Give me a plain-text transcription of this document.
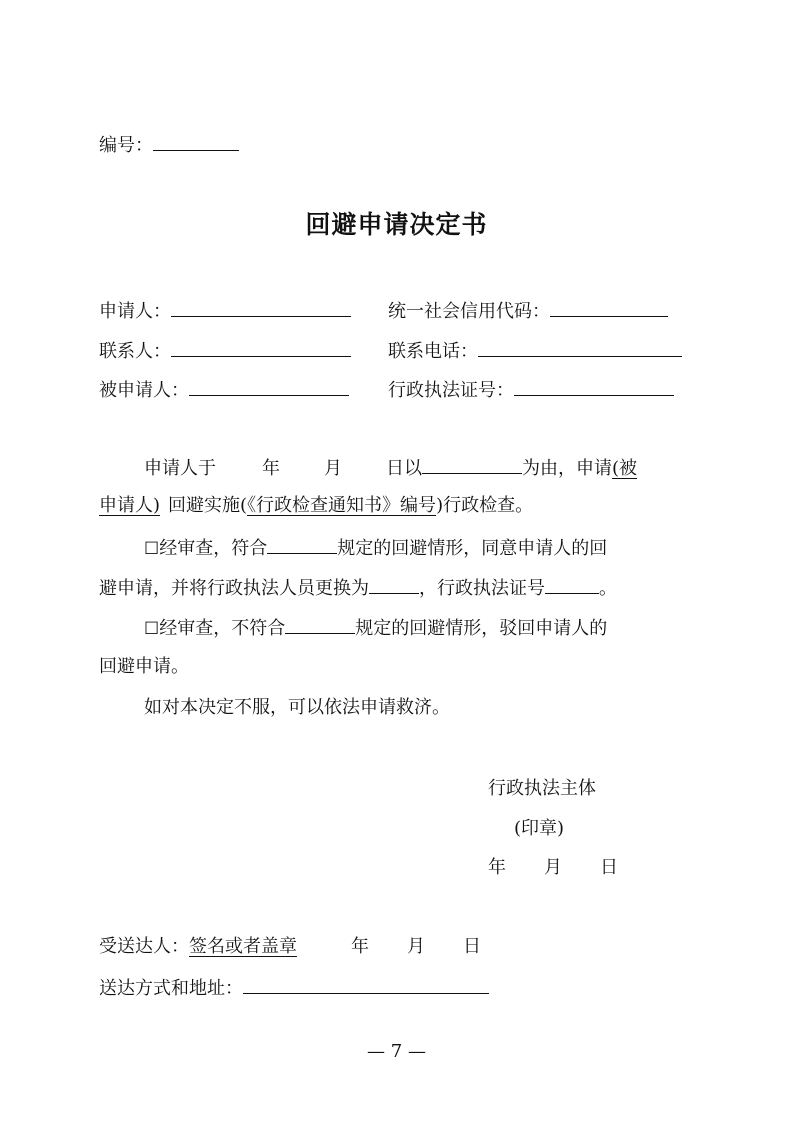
编号：
回避申请决定书
申请人：	统一社会信用代码：
联系人：	联系电话：
被申请人：	行政执法证号：
申请人于	年 月 日以	为由，申请(被
申请人) 回避实施(《行政检查通知书》编号)行政检查。
☐经审查，符合	规定的回避情形，同意申请人的回
避申请，并将行政执法人员更换为	，行政执法证号	。
☐经审查，不符合	规定的回避情形，驳回申请人的
回避申请。
如对本决定不服，可以依法申请救济。
行政执法主体
(印章)
年 月 日
受送达人：签名或者盖章	年 月 日
送达方式和地址：
— 7 —
